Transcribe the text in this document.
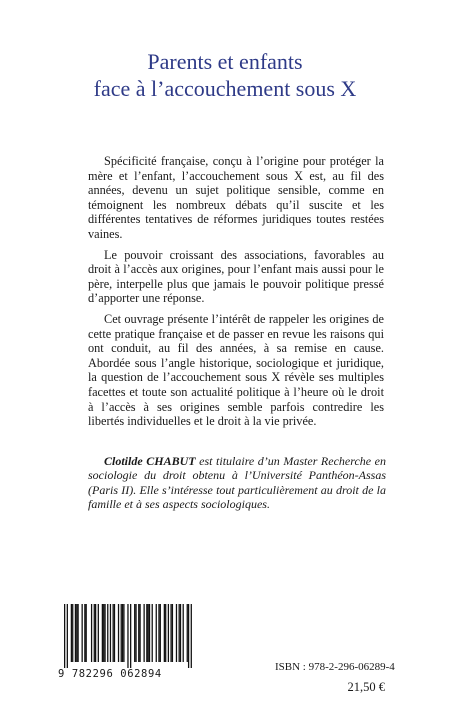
Parents et enfants
face à l’accouchement sous X

Spécificité française, conçu à l’origine pour protéger la mère et l’enfant, l’accouchement sous X est, au fil des années, devenu un sujet politique sensible, comme en témoignent les nombreux débats qu’il suscite et les différentes tentatives de réformes juridiques toutes restées vaines.

Le pouvoir croissant des associations, favorables au droit à l’accès aux origines, pour l’enfant mais aussi pour le père, interpelle plus que jamais le pouvoir politique pressé d’apporter une réponse.

Cet ouvrage présente l’intérêt de rappeler les origines de cette pratique française et de passer en revue les raisons qui ont conduit, au fil des années, à sa remise en cause. Abordée sous l’angle historique, sociologique et juridique, la question de l’accouchement sous X révèle ses multiples facettes et toute son actualité politique à l’heure où le droit à l’accès à ses origines semble parfois contredire les libertés individuelles et le droit à la vie privée.

Clotilde CHABUT est titulaire d’un Master Recherche en sociologie du droit obtenu à l’Université Panthéon-Assas (Paris II). Elle s’intéresse tout particulièrement au droit de la famille et à ses aspects sociologiques.
9 782296 062894
ISBN : 978-2-296-06289-4
21,50 €
